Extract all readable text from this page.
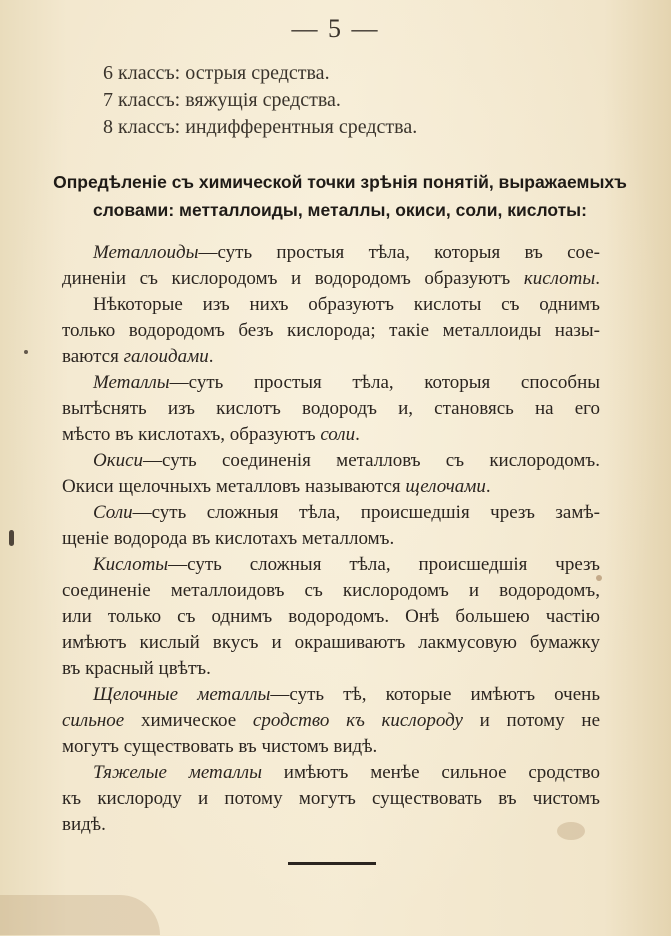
— 5 —
6 классъ: острыя средства.
7 классъ: вяжущія средства.
8 классъ: индифферентныя средства.
Опредѣленіе съ химической точки зрѣнія понятій, выражаемыхъ
словами: метталлоиды, металлы, окиси, соли, кислоты:
Металлоиды—суть простыя тѣла, которыя въ сое-
диненіи съ кислородомъ и водородомъ образуютъ кислоты.
Нѣкоторые изъ нихъ образуютъ кислоты съ однимъ
только водородомъ безъ кислорода; такіе металлоиды назы-
ваются галоидами.
Металлы—суть простыя тѣла, которыя способны
вытѣснять изъ кислотъ водородъ и, становясь на его
мѣсто въ кислотахъ, образуютъ соли.
Окиси—суть соединенія металловъ съ кислородомъ.
Окиси щелочныхъ металловъ называются щелочами.
Соли—суть сложныя тѣла, происшедшія чрезъ замѣ-
щеніе водорода въ кислотахъ металломъ.
Кислоты—суть сложныя тѣла, происшедшія чрезъ
соединеніе металлоидовъ съ кислородомъ и водородомъ,
или только съ однимъ водородомъ. Онѣ большею частію
имѣютъ кислый вкусъ и окрашиваютъ лакмусовую бумажку
въ красный цвѣтъ.
Щелочные металлы—суть тѣ, которые имѣютъ очень
сильное химическое сродство къ кислороду и потому не
могутъ существовать въ чистомъ видѣ.
Тяжелые металлы имѣютъ менѣе сильное сродство
къ кислороду и потому могутъ существовать въ чистомъ
видѣ.
